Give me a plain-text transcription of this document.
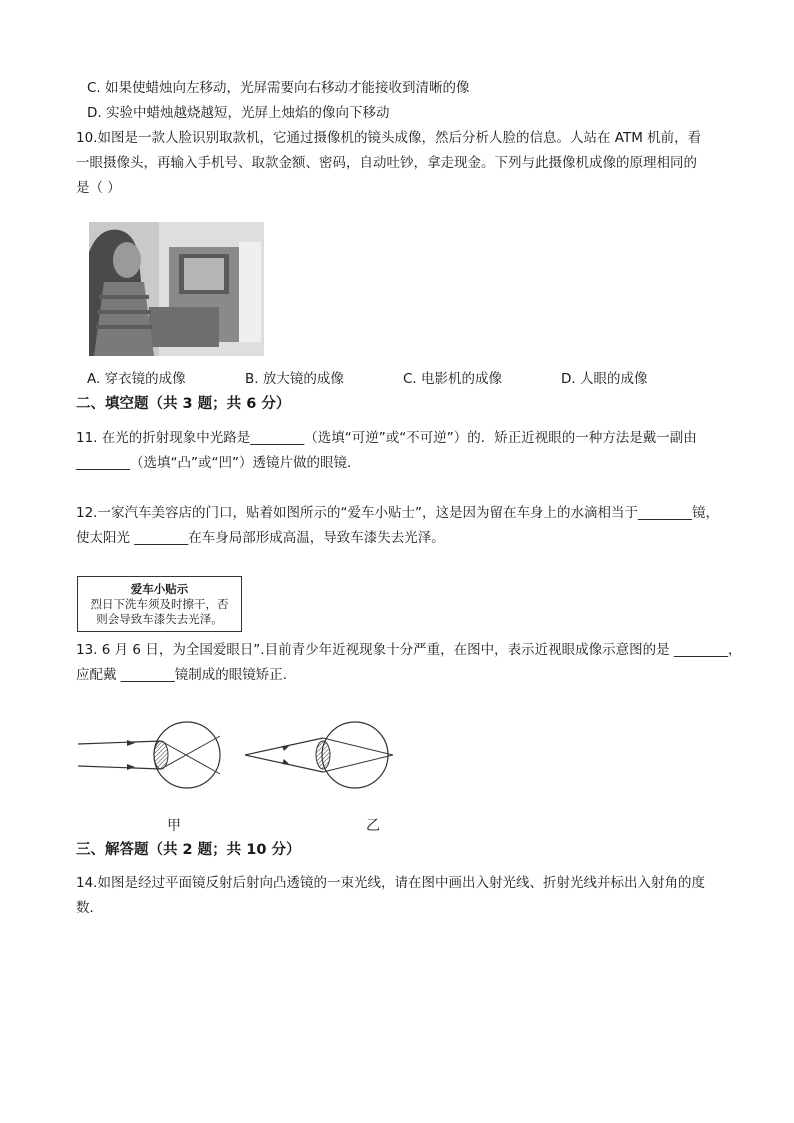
C. 如果使蜡烛向左移动，光屏需要向右移动才能接收到清晰的像
D. 实验中蜡烛越烧越短，光屏上烛焰的像向下移动
10.如图是一款人脸识别取款机，它通过摄像机的镜头成像，然后分析人脸的信息。人站在 ATM 机前，看
一眼摄像头，再输入手机号、取款金额、密码，自动吐钞，拿走现金。下列与此摄像机成像的原理相同的
是（ ）
A. 穿衣镜的成像	B. 放大镜的成像	C. 电影机的成像	D. 人眼的成像
二、填空题（共 3 题；共 6 分）
11. 在光的折射现象中光路是________（选填“可逆”或“不可逆”）的．矫正近视眼的一种方法是戴一副由
________（选填“凸”或“凹”）透镜片做的眼镜．
12.一家汽车美容店的门口，贴着如图所示的“爱车小贴士”，这是因为留在车身上的水滴相当于________镜，
使太阳光 ________在车身局部形成高温，导致车漆失去光泽。
爱车小贴示
烈日下洗车须及时擦干，否
则会导致车漆失去光泽。
13. 6 月 6 日，为全国爱眼日”.目前青少年近视现象十分严重，在图中，表示近视眼成像示意图的是 ________，
应配戴 ________镜制成的眼镜矫正．
甲	乙
三、解答题（共 2 题；共 10 分）
14.如图是经过平面镜反射后射向凸透镜的一束光线，请在图中画出入射光线、折射光线并标出入射角的度
数．
